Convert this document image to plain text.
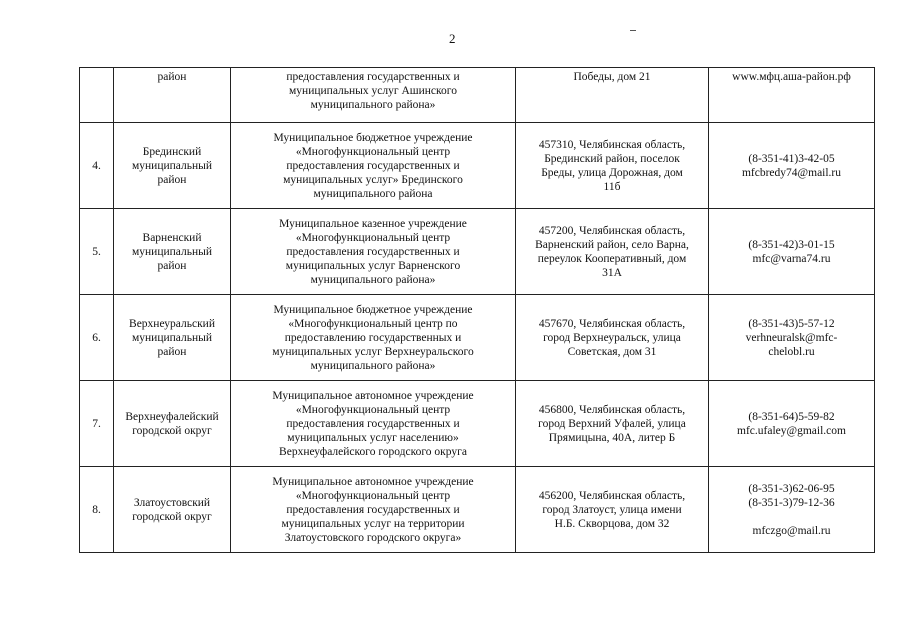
2

	район	предоставления государственных и
муниципальных услуг Ашинского
муниципального района»	Победы, дом 21	www.мфц.аша-район.рф

4.	Брединский
муниципальный
район	Муниципальное бюджетное учреждение
«Многофункциональный центр
предоставления государственных и
муниципальных услуг» Брединского
муниципального района	457310, Челябинская область,
Брединский район, поселок
Бреды, улица Дорожная, дом
11б	(8-351-41)3-42-05
mfcbredy74@mail.ru

5.	Варненский
муниципальный
район	Муниципальное казенное учреждение
«Многофункциональный центр
предоставления государственных и
муниципальных услуг Варненского
муниципального района»	457200, Челябинская область,
Варненский район, село Варна,
переулок Кооперативный, дом
31А	(8-351-42)3-01-15
mfc@varna74.ru

6.	Верхнеуральский
муниципальный
район	Муниципальное бюджетное учреждение
«Многофункциональный центр по
предоставлению государственных и
муниципальных услуг Верхнеуральского
муниципального района»	457670, Челябинская область,
город Верхнеуральск, улица
Советская, дом 31	(8-351-43)5-57-12
verhneuralsk@mfc-
chelobl.ru

7.	Верхнеуфалейский
городской округ	Муниципальное автономное учреждение
«Многофункциональный центр
предоставления государственных и
муниципальных услуг населению»
Верхнеуфалейского городского округа	456800, Челябинская область,
город Верхний Уфалей, улица
Прямицына, 40А, литер Б	(8-351-64)5-59-82
mfc.ufaley@gmail.com

8.	Златоустовский
городской округ	Муниципальное автономное учреждение
«Многофункциональный центр
предоставления государственных и
муниципальных услуг на территории
Златоустовского городского округа»	456200, Челябинская область,
город Златоуст, улица имени
Н.Б. Скворцова, дом 32	(8-351-3)62-06-95
(8-351-3)79-12-36
mfczgo@mail.ru
